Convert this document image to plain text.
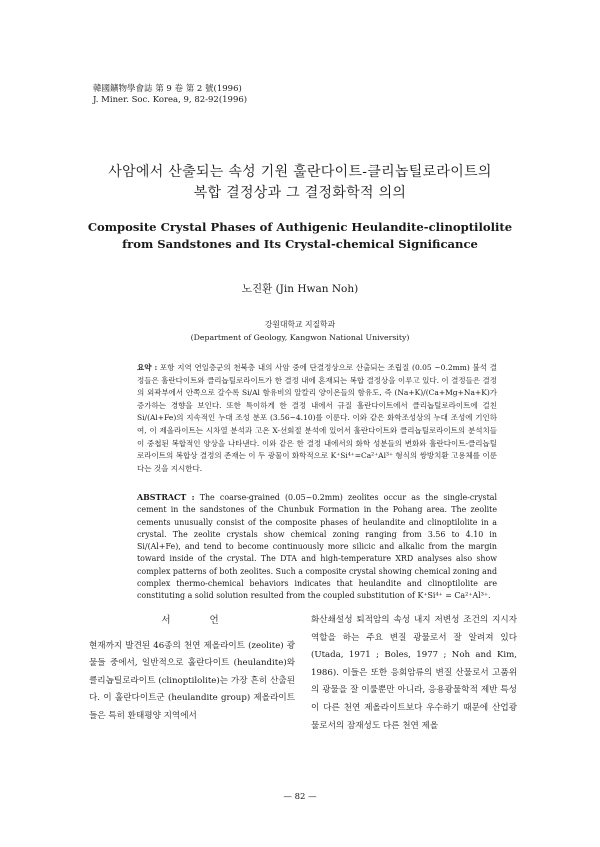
韓國鑛物學會誌 第 9 卷 第 2 號(1996)
J. Miner. Soc. Korea, 9, 82-92(1996)
사암에서 산출되는 속성 기원 훌란다이트-클리놉틸로라이트의
복합 결정상과 그 결정화학적 의의
Composite Crystal Phases of Authigenic Heulandite-clinoptilolite
from Sandstones and Its Crystal-chemical Significance
노진환 (Jin Hwan Noh)
강원대학교 지질학과
(Department of Geology, Kangwon National University)
요약 : 포항 지역 연일층군의 천북층 내의 사암 중에 단결정상으로 산출되는 조립질 (0.05 ~0.2mm) 불석 결정들은 훌란다이트와 클리놉틸로라이트가 한 결정 내에 혼재되는 복합 결정상을 이루고 있다. 이 결정들은 결정의 외곽부에서 안쪽으로 갈수록 Si/Al 함유비의 알칼리 양이온들의 함유도, 즉 (Na+K)/(Ca+Mg+Na+K)가 증가하는 경향을 보인다. 또한 특이하게 한 결정 내에서 규질 훌란다이트에서 클리놉틸로라이트에 걸친 Si/(Al+Fe)의 지속적인 누대 조성 분포 (3.56~4.10)를 이룬다. 이와 같은 화학조성상의 누대 조성에 기인하여, 이 제올라이트는 시차열 분석과 고온 X-선회절 분석에 있어서 훌란다이트와 클리놉틸로라이트의 분석치들이 중첩된 복합적인 양상을 나타낸다. 이와 같은 한 결정 내에서의 화학 성분들의 변화와 훌란다이트-클리놉틸로라이트의 복합상 결정의 존재는 이 두 광물이 화학적으로 K⁺Si⁴⁺=Ca²⁺Al³⁺ 형식의 쌍방치환 고용체를 이룬다는 것을 지시한다.
ABSTRACT : The coarse-grained (0.05~0.2mm) zeolites occur as the single-crystal cement in the sandstones of the Chunbuk Formation in the Pohang area. The zeolite cements unusually consist of the composite phases of heulandite and clinoptilolite in a crystal. The zeolite crystals show chemical zoning ranging from 3.56 to 4.10 in Si/(Al+Fe), and tend to become continuously more silicic and alkalic from the margin toward inside of the crystal. The DTA and high-temperature XRD analyses also show complex patterns of both zeolites. Such a composite crystal showing chemical zoning and complex thermo-chemical behaviors indicates that heulandite and clinoptilolite are constituting a solid solution resulted from the coupled substitution of K⁺Si⁴⁺ = Ca²⁺Al³⁺.
서 언

현재까지 발견된 46종의 천연 제올라이트 (zeolite) 광물들 중에서, 일반적으로 훌란다이트 (heulandite)와 클리놉틸로라이트 (clinoptilolite)는 가장 흔히 산출된다. 이 훌란다이트군 (heulandite group) 제올라이트들은 특히 환태평양 지역에서

화산쇄설성 퇴적암의 속성 내지 저변성 조건의 지시자 역할을 하는 주요 변질 광물로서 잘 알려져 있다 (Utada, 1971 ; Boles, 1977 ; Noh and Kim, 1986). 이들은 또한 응회암류의 변질 산물로서 고품위의 광물을 잘 이룰뿐만 아니라, 응용광물학적 제반 특성이 다른 천연 제올라이트보다 우수하기 때문에 산업광물로서의 잠재성도 다른 천연 제올

— 82 —
